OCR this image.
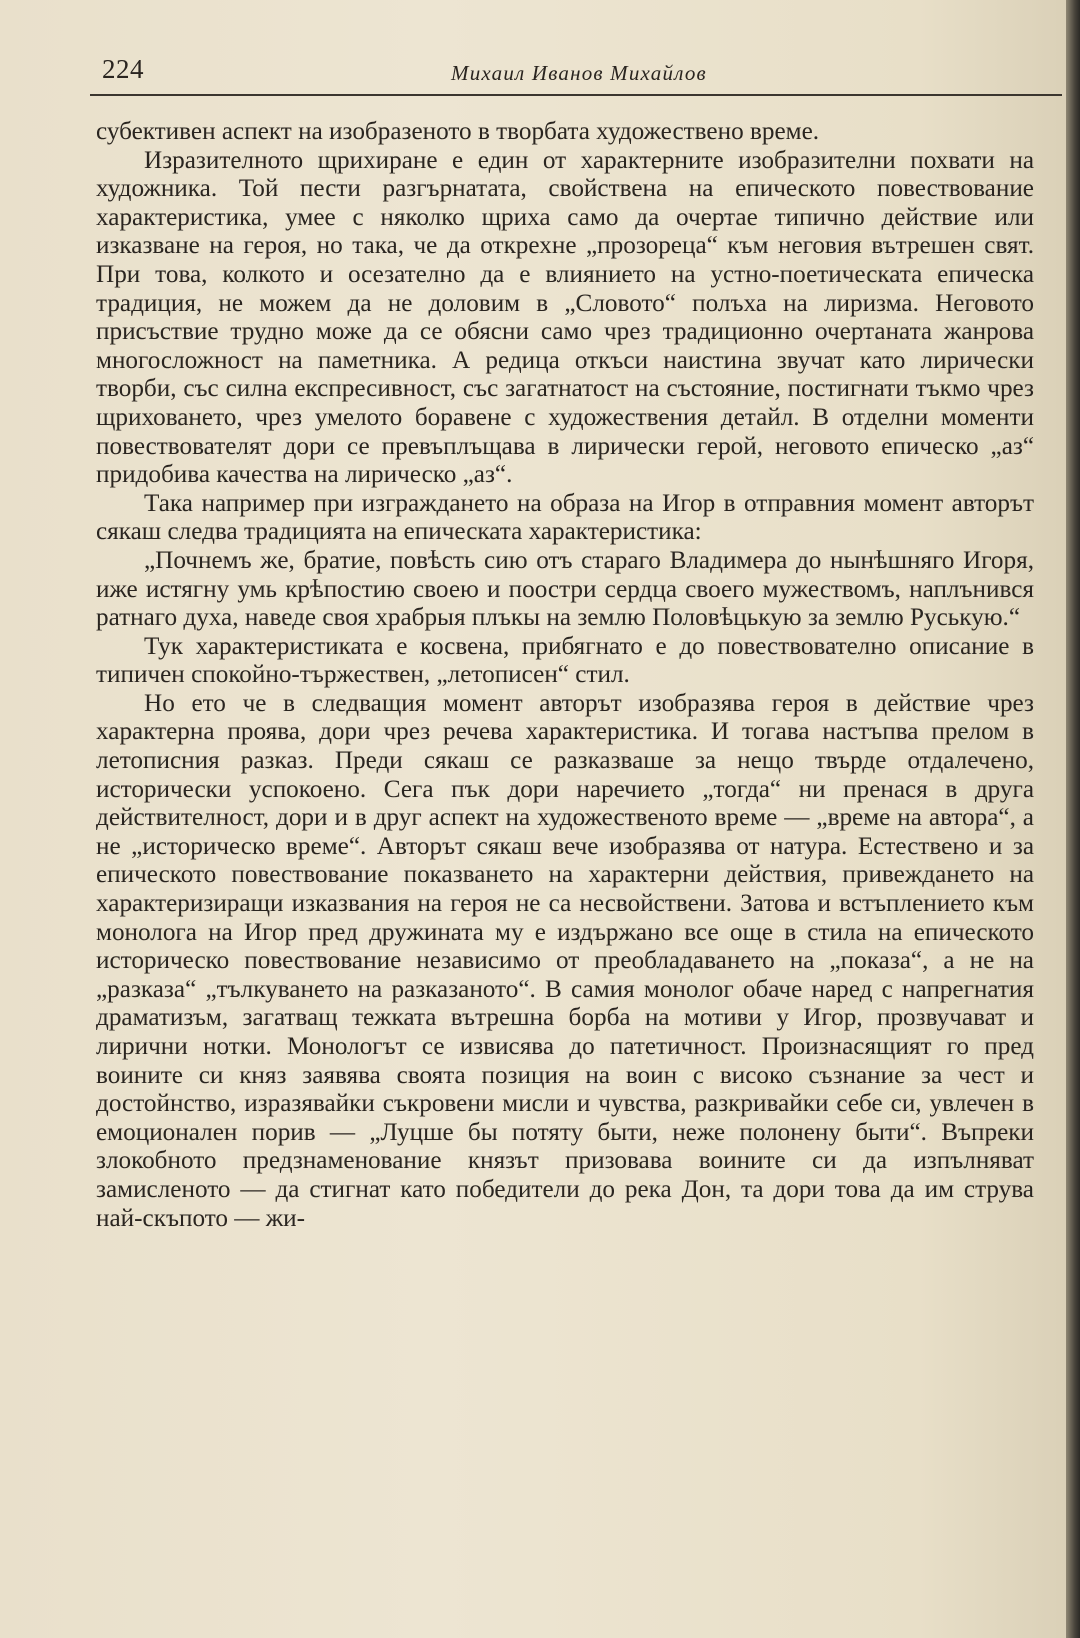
224	Михаил Иванов Михайлов

субективен аспект на изобразеното в творбата художествено време.

Изразителното щрихиране е един от характерните изобразителни похвати на художника. Той пести разгърнатата, свойствена на епическото повествование характеристика, умее с няколко щриха само да очертае типично действие или изказване на героя, но така, че да открехне „прозореца“ към неговия вътрешен свят. При това, колкото и осезателно да е влиянието на устно-поетическата епическа традиция, не можем да не доловим в „Словото“ полъха на лиризма. Неговото присъствие трудно може да се обясни само чрез традиционно очертаната жанрова многосложност на паметника. А редица откъси наистина звучат като лирически творби, със силна експресивност, със загатнатост на състояние, постигнати тъкмо чрез щриховането, чрез умелото боравене с художествения детайл. В отделни моменти повествователят дори се превъплъщава в лирически герой, неговото епическо „аз“ придобива качества на лирическо „аз“.

Така например при изграждането на образа на Игор в отправния момент авторът сякаш следва традицията на епическата характеристика:

„Почнемъ же, братие, повѣсть сию отъ стараго Владимера до нынѣшняго Игоря, иже истягну умь крѣпостию своею и поостри сердца своего мужествомъ, наплънився ратнаго духа, наведе своя храбрыя плъкы на землю Половѣцькую за землю Руськую.“

Тук характеристиката е косвена, прибягнато е до повествователно описание в типичен спокойно-тържествен, „летописен“ стил.

Но ето че в следващия момент авторът изобразява героя в действие чрез характерна проява, дори чрез речева характеристика. И тогава настъпва прелом в летописния разказ. Преди сякаш се разказваше за нещо твърде отдалечено, исторически успокоено. Сега пък дори наречието „тогда“ ни пренася в друга действителност, дори и в друг аспект на художественото време — „време на автора“, а не „историческо време“. Авторът сякаш вече изобразява от натура. Естествено и за епическото повествование показването на характерни действия, привеждането на характеризиращи изказвания на героя не са несвойствени. Затова и встъплението към монолога на Игор пред дружината му е издържано все още в стила на епическото историческо повествование независимо от преобладаването на „показа“, а не на „разказа“ „тълкуването на разказаното“. В самия монолог обаче наред с напрегнатия драматизъм, загатващ тежката вътрешна борба на мотиви у Игор, прозвучават и лирични нотки. Монологът се извисява до патетичност. Произнасящият го пред воините си княз заявява своята позиция на воин с високо съзнание за чест и достойнство, изразявайки съкровени мисли и чувства, разкривайки себе си, увлечен в емоционален порив — „Луцше бы потяту быти, неже полонену быти“. Въпреки злокобното предзнаменование князът призовава воините си да изпълняват замисленото — да стигнат като победители до река Дон, та дори това да им струва най-скъпото — жи-
